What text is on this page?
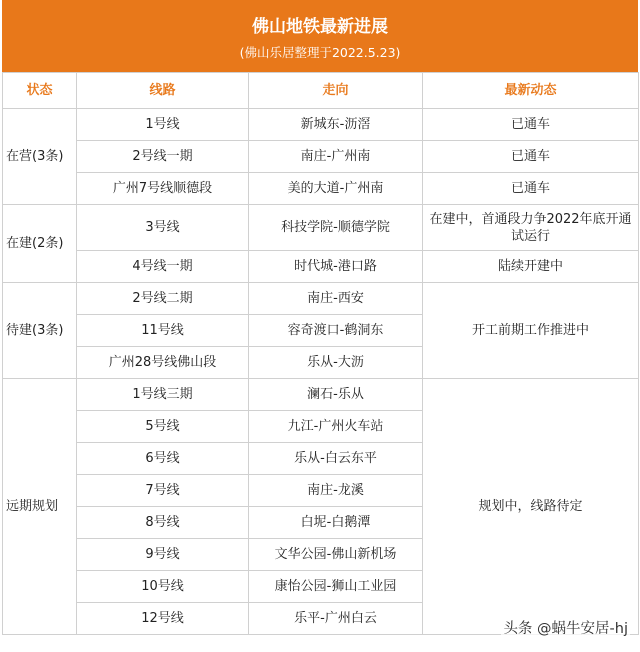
佛山地铁最新进展
(佛山乐居整理于2022.5.23)
状态	线路	走向	最新动态
在营(3条)	1号线	新城东-沥滘	已通车
	2号线一期	南庄-广州南	已通车
	广州7号线顺德段	美的大道-广州南	已通车
在建(2条)	3号线	科技学院-顺德学院	在建中，首通段力争2022年底开通试运行
	4号线一期	时代城-港口路	陆续开建中
待建(3条)	2号线二期	南庄-西安	开工前期工作推进中
	11号线	容奇渡口-鹤洞东	
	广州28号线佛山段	乐从-大沥	
远期规划	1号线三期	澜石-乐从	规划中，线路待定
	5号线	九江-广州火车站	
	6号线	乐从-白云东平	
	7号线	南庄-龙溪	
	8号线	白坭-白鹅潭	
	9号线	文华公园-佛山新机场	
	10号线	康怡公园-狮山工业园	
	12号线	乐平-广州白云	
头条 @蜗牛安居-hj
